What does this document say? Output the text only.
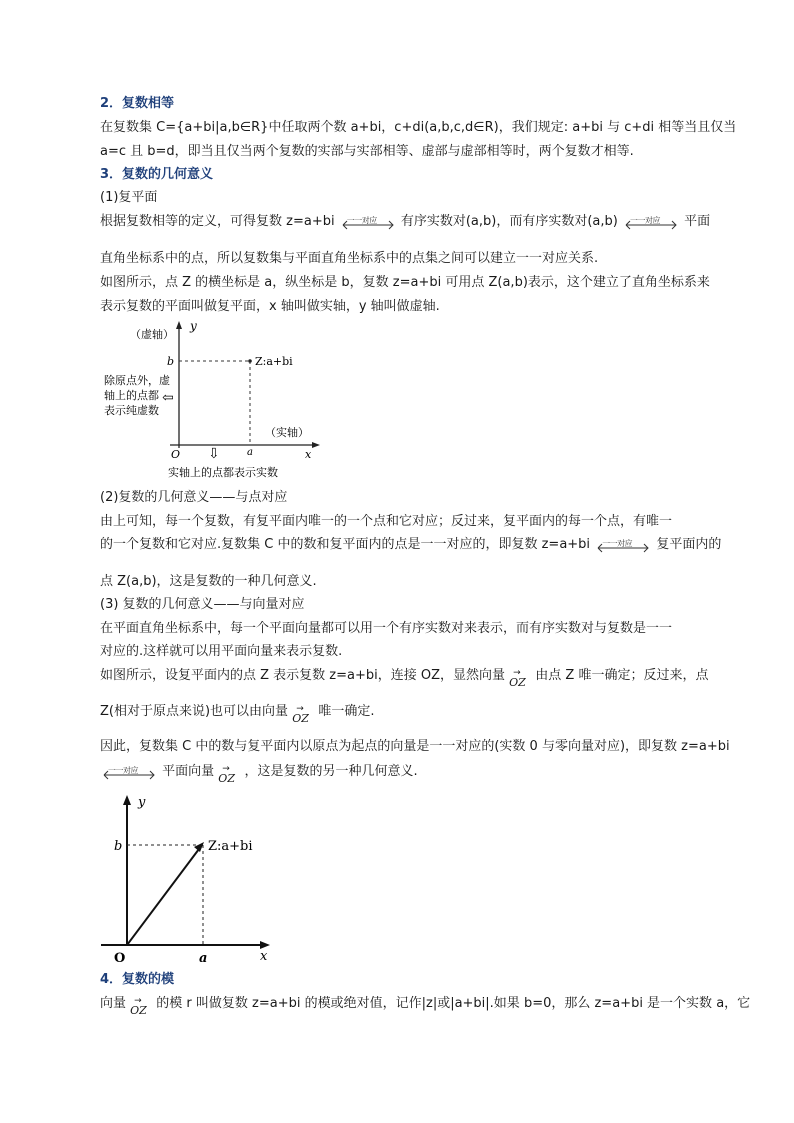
2．复数相等
在复数集 C={a+bi|a,b∈R}中任取两个数 a+bi，c+di(a,b,c,d∈R)，我们规定: a+bi 与 c+di 相等当且仅当
a=c 且 b=d，即当且仅当两个复数的实部与实部相等、虚部与虚部相等时，两个复数才相等.
3．复数的几何意义
(1)复平面
根据复数相等的定义，可得复数 z=a+bi 一一对应 有序实数对(a,b)，而有序实数对(a,b) 一一对应 平面
直角坐标系中的点，所以复数集与平面直角坐标系中的点集之间可以建立一一对应关系.
如图所示，点 Z 的横坐标是 a，纵坐标是 b，复数 z=a+bi 可用点 Z(a,b)表示，这个建立了直角坐标系来
表示复数的平面叫做复平面，x 轴叫做实轴，y 轴叫做虚轴.
y
（虚轴）
b	Z:a+bi
除原点外，虚
轴上的点都
表示纯虚数
⇦
⇩
（实轴）
O	a	x
实轴上的点都表示实数
(2)复数的几何意义——与点对应
由上可知，每一个复数，有复平面内唯一的一个点和它对应；反过来，复平面内的每一个点，有唯一
的一个复数和它对应.复数集 C 中的数和复平面内的点是一一对应的，即复数 z=a+bi 一一对应 复平面内的
点 Z(a,b)，这是复数的一种几何意义.
(3) 复数的几何意义——与向量对应
在平面直角坐标系中，每一个平面向量都可以用一个有序实数对来表示，而有序实数对与复数是一一
对应的.这样就可以用平面向量来表示复数.
如图所示，设复平面内的点 Z 表示复数 z=a+bi，连接 OZ，显然向量 →
OZ 由点 Z 唯一确定；反过来，点
Z(相对于原点来说)也可以由向量 →
OZ 唯一确定.
因此，复数集 C 中的数与复平面内以原点为起点的向量是一一对应的(实数 0 与零向量对应)，即复数 z=a+bi
一一对应 平面向量 →
OZ ，这是复数的另一种几何意义.
y
b	Z:a+bi
O	a	x
4．复数的模
向量 →
OZ 的模 r 叫做复数 z=a+bi 的模或绝对值，记作|z|或|a+bi|.如果 b=0，那么 z=a+bi 是一个实数 a，它
